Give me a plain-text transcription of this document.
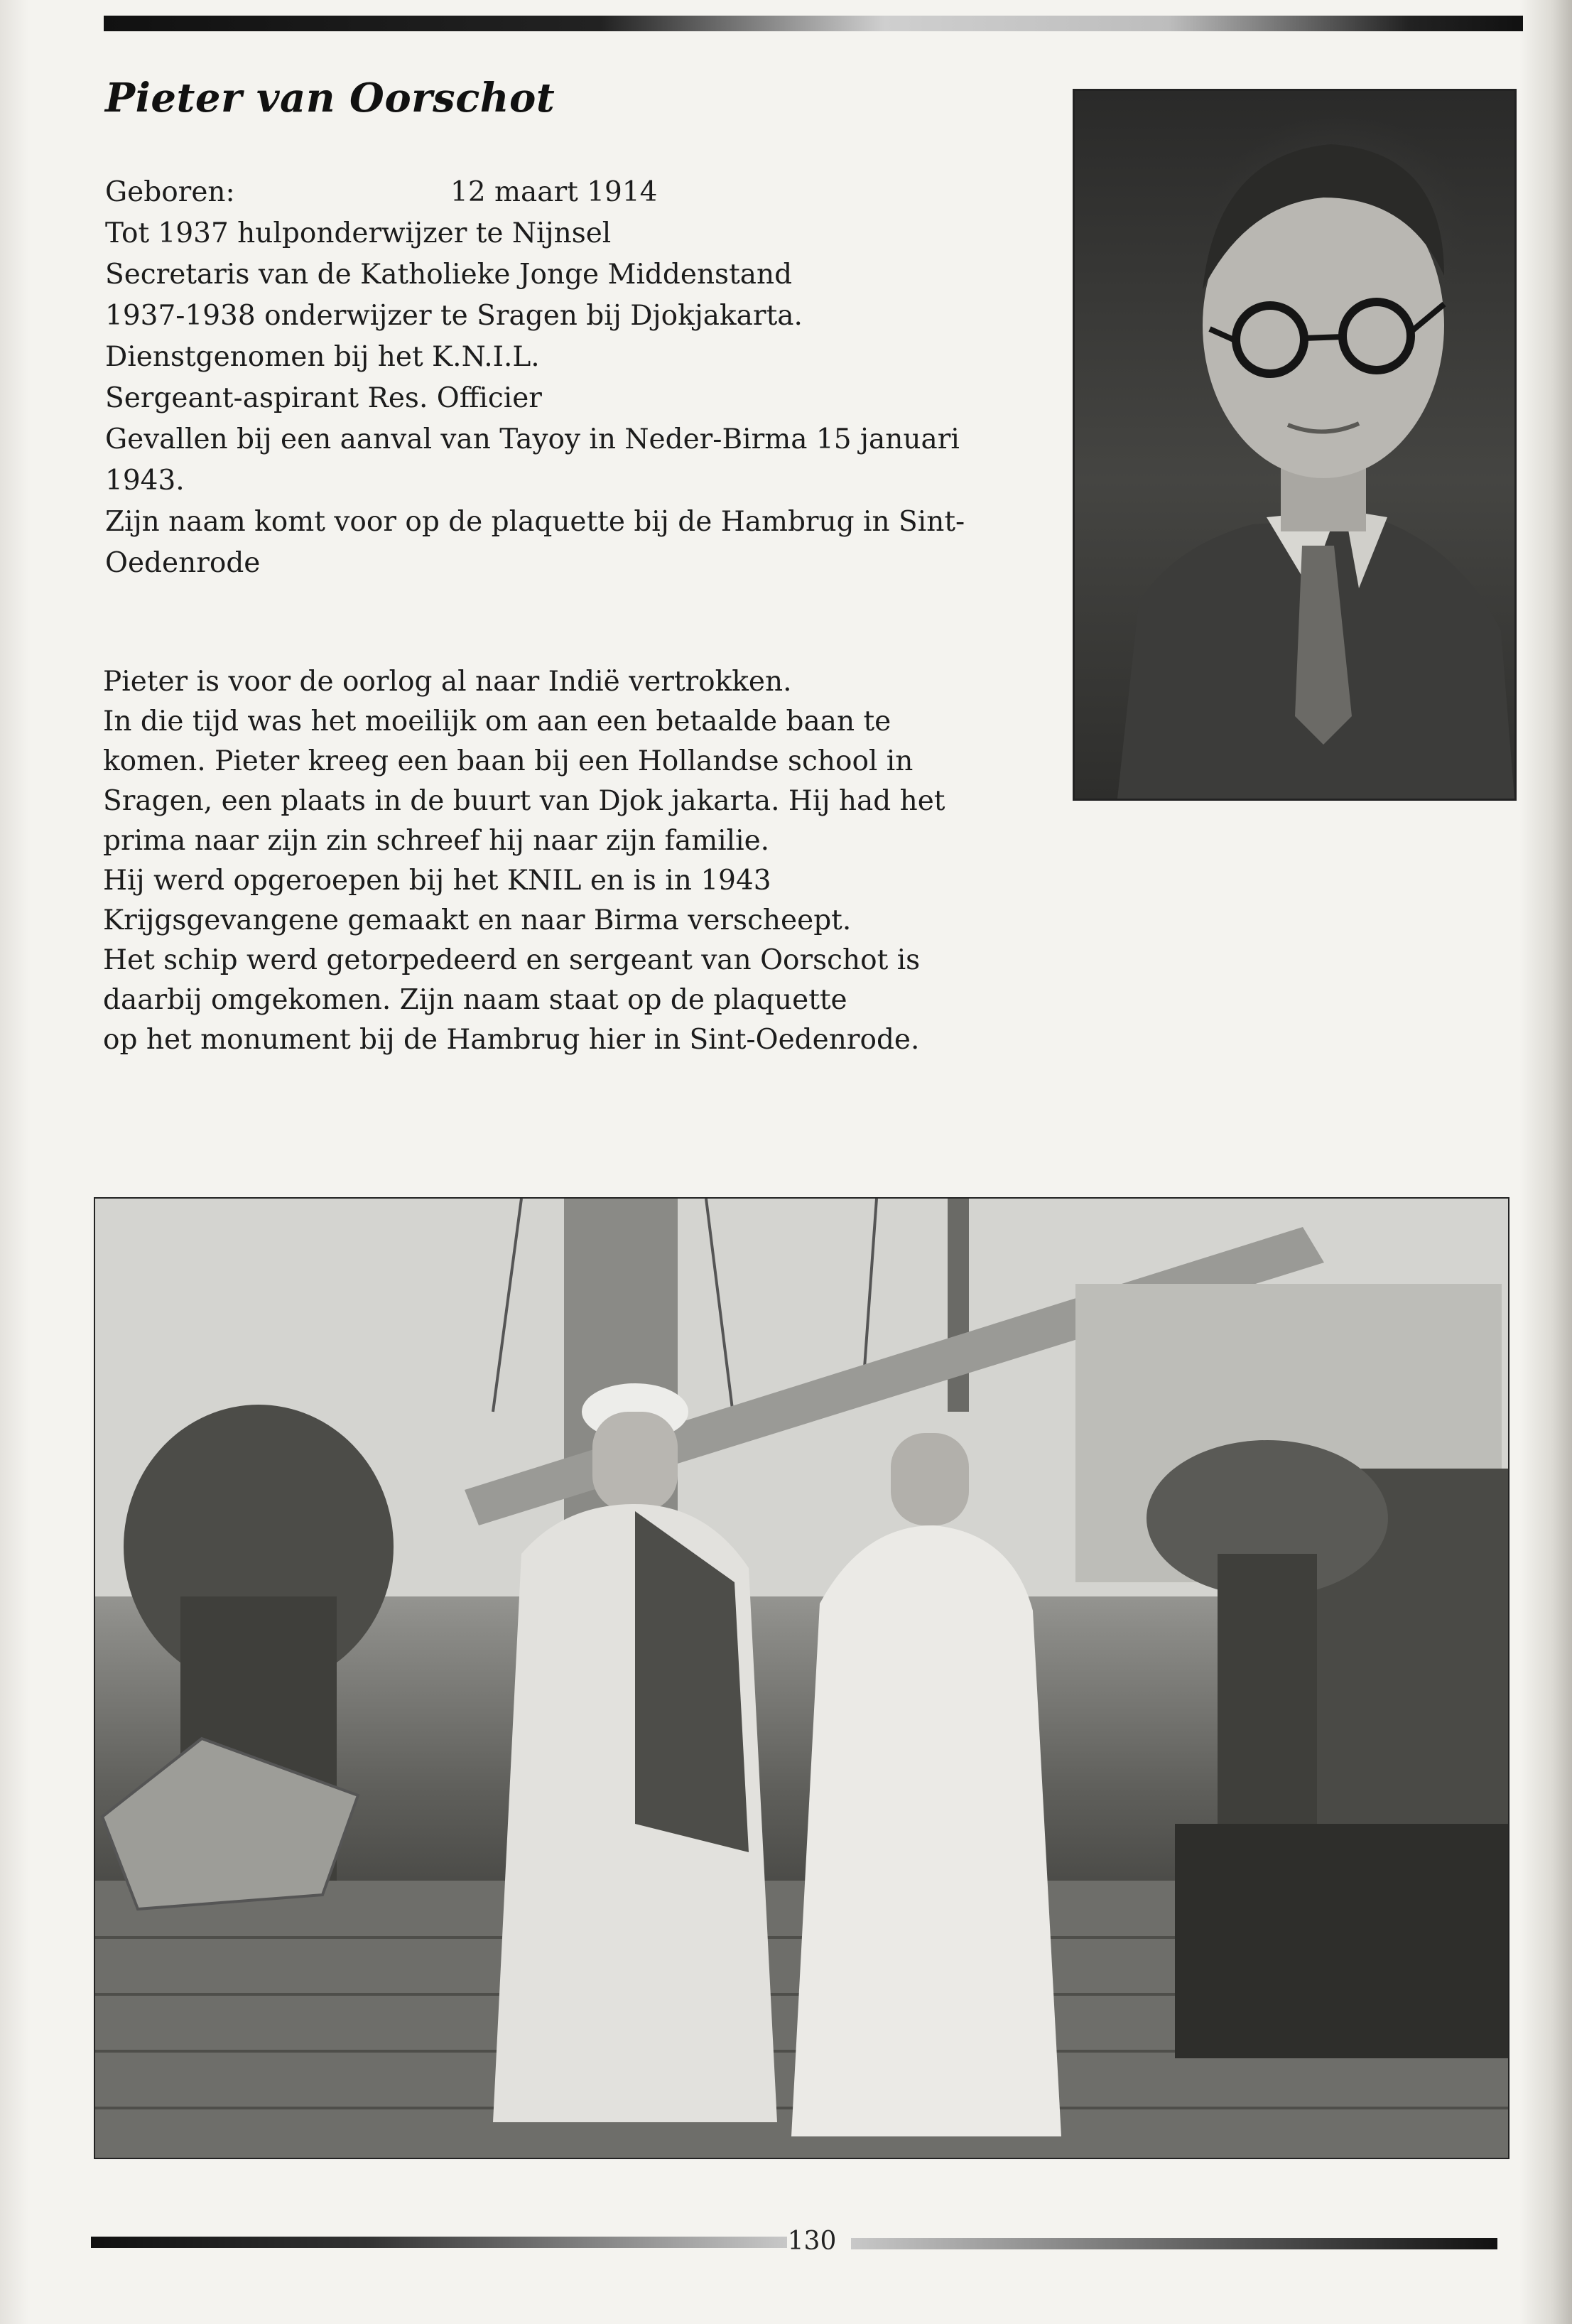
Pieter van Oorschot
Geboren:	12 maart 1914
Tot 1937 hulponderwijzer te Nijnsel
Secretaris van de Katholieke Jonge Middenstand
1937-1938 onderwijzer te Sragen bij Djokjakarta.
Dienstgenomen bij het K.N.I.L.
Sergeant-aspirant Res. Officier
Gevallen bij een aanval van Tayoy in Neder-Birma 15 januari
1943.
Zijn naam komt voor op de plaquette bij de Hambrug in Sint-
Oedenrode
Pieter is voor de oorlog al naar Indië vertrokken.
In die tijd was het moeilijk om aan een betaalde baan te
komen. Pieter kreeg een baan bij een Hollandse school in
Sragen, een plaats in de buurt van Djok jakarta. Hij had het
prima naar zijn zin schreef hij naar zijn familie.
Hij werd opgeroepen bij het KNIL en is in 1943
Krijgsgevangene gemaakt en naar Birma verscheept.
Het schip werd getorpedeerd en sergeant van Oorschot is
daarbij omgekomen. Zijn naam staat op de plaquette
op het monument bij de Hambrug hier in Sint-Oedenrode.
130
